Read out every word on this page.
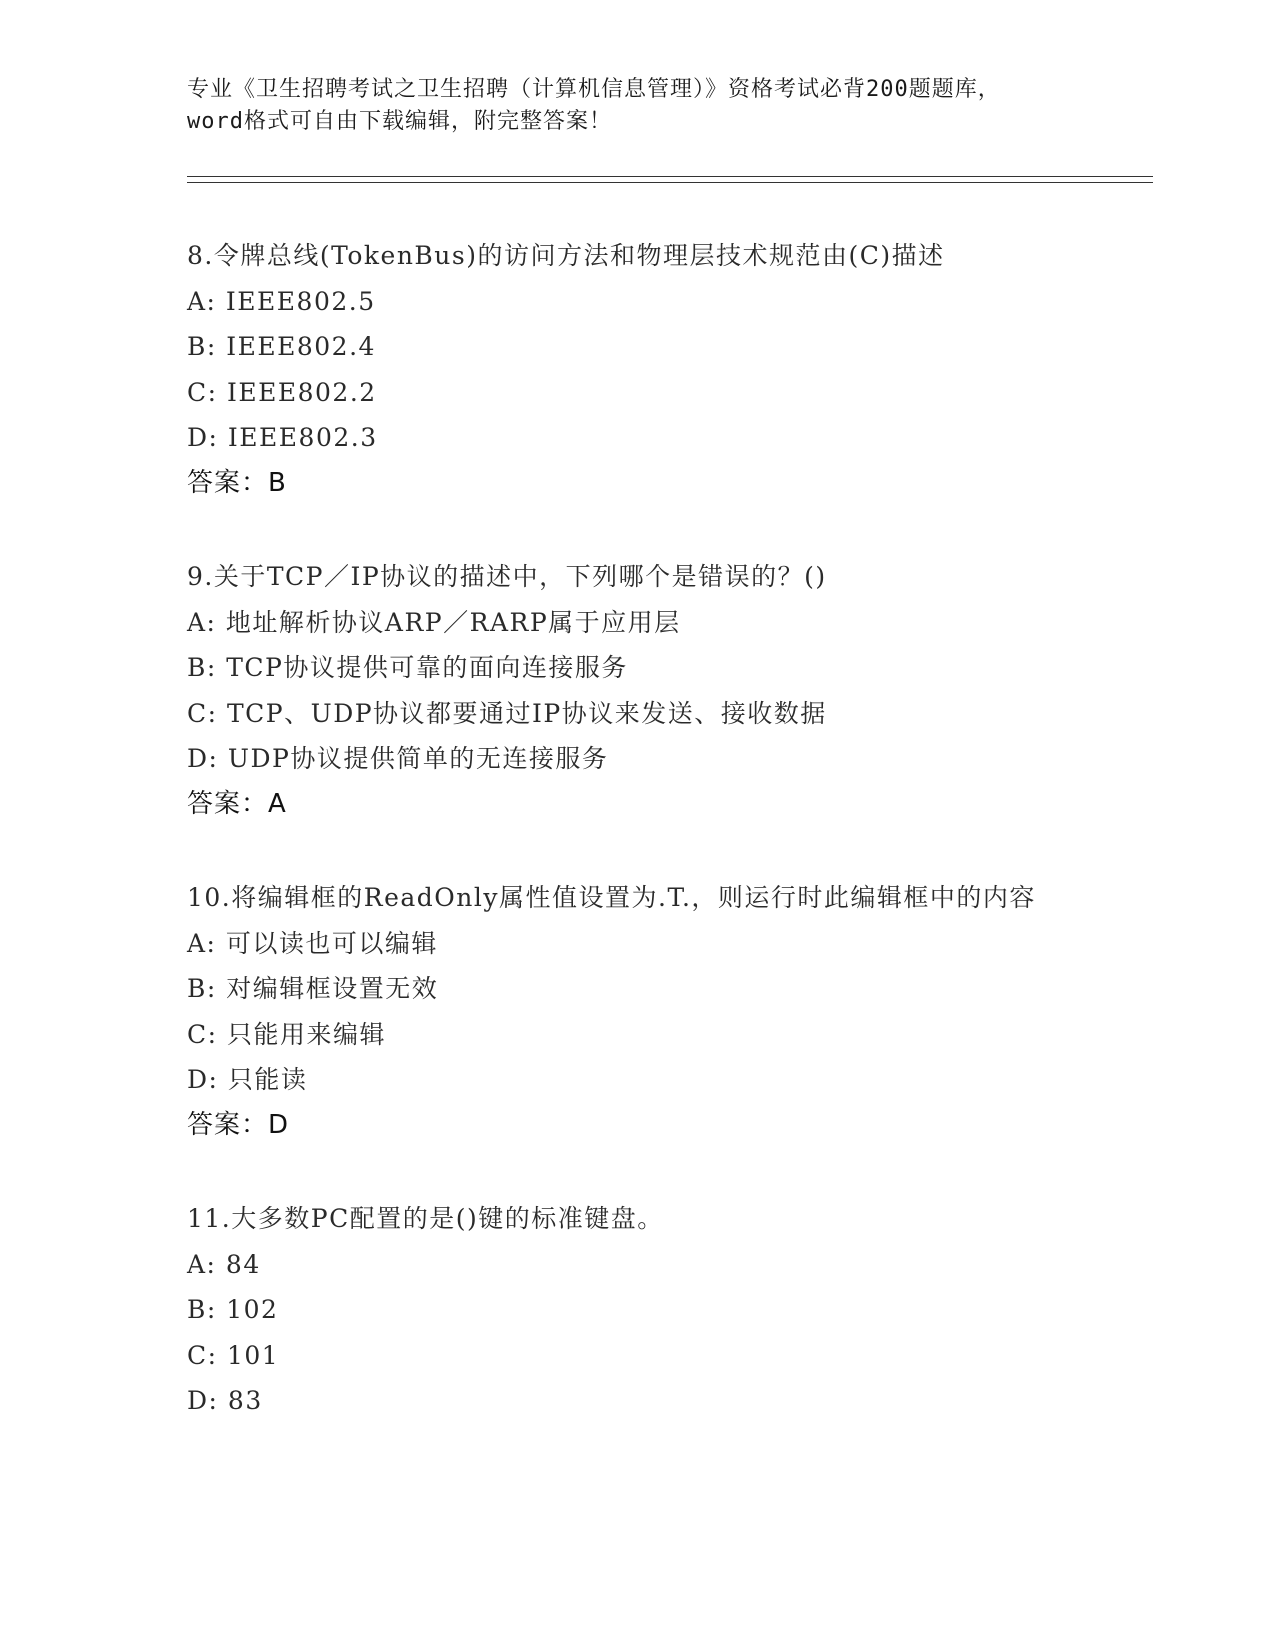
专业《卫生招聘考试之卫生招聘（计算机信息管理）》资格考试必背200题题库，
word格式可自由下载编辑，附完整答案！
8.令牌总线(TokenBus)的访问方法和物理层技术规范由(C)描述
A: IEEE802.5
B: IEEE802.4
C: IEEE802.2
D: IEEE802.3
答案：B
9.关于TCP／IP协议的描述中，下列哪个是错误的？()
A: 地址解析协议ARP／RARP属于应用层
B: TCP协议提供可靠的面向连接服务
C: TCP、UDP协议都要通过IP协议来发送、接收数据
D: UDP协议提供简单的无连接服务
答案：A
10.将编辑框的ReadOnly属性值设置为.T.，则运行时此编辑框中的内容
A: 可以读也可以编辑
B: 对编辑框设置无效
C: 只能用来编辑
D: 只能读
答案：D
11.大多数PC配置的是()键的标准键盘。
A: 84
B: 102
C: 101
D: 83
